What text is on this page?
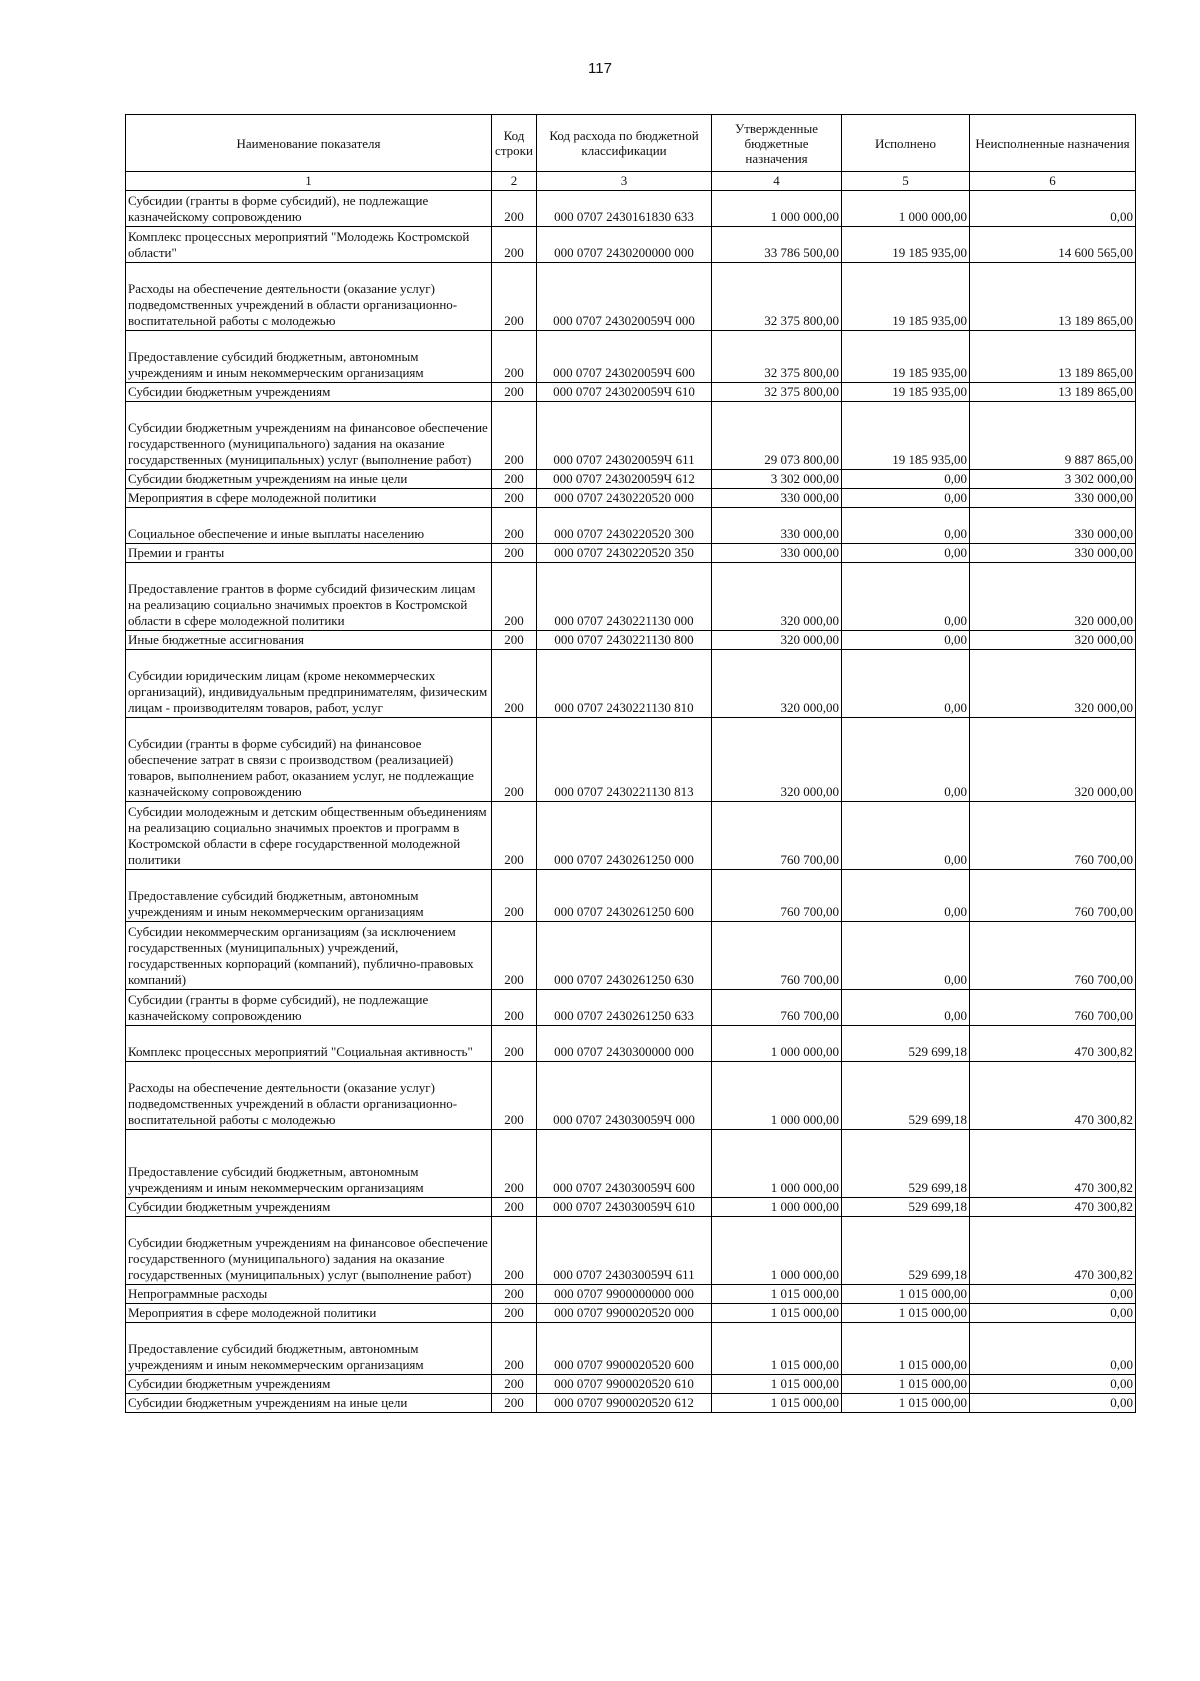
117
Наименование показателя	Код строки	Код расхода по бюджетной классификации	Утвержденные бюджетные назначения	Исполнено	Неисполненные назначения
1	2	3	4	5	6
Субсидии (гранты в форме субсидий), не подлежащие казначейскому сопровождению	200	000 0707 2430161830 633	1 000 000,00	1 000 000,00	0,00
Комплекс процессных мероприятий "Молодежь Костромской области"	200	000 0707 2430200000 000	33 786 500,00	19 185 935,00	14 600 565,00
Расходы на обеспечение деятельности (оказание услуг) подведомственных учреждений в области организационно-воспитательной работы с молодежью	200	000 0707 243020059Ч 000	32 375 800,00	19 185 935,00	13 189 865,00
Предоставление субсидий бюджетным, автономным учреждениям и иным некоммерческим организациям	200	000 0707 243020059Ч 600	32 375 800,00	19 185 935,00	13 189 865,00
Субсидии бюджетным учреждениям	200	000 0707 243020059Ч 610	32 375 800,00	19 185 935,00	13 189 865,00
Субсидии бюджетным учреждениям на финансовое обеспечение государственного (муниципального) задания на оказание государственных (муниципальных) услуг (выполнение работ)	200	000 0707 243020059Ч 611	29 073 800,00	19 185 935,00	9 887 865,00
Субсидии бюджетным учреждениям на иные цели	200	000 0707 243020059Ч 612	3 302 000,00	0,00	3 302 000,00
Мероприятия в сфере молодежной политики	200	000 0707 2430220520 000	330 000,00	0,00	330 000,00
Социальное обеспечение и иные выплаты населению	200	000 0707 2430220520 300	330 000,00	0,00	330 000,00
Премии и гранты	200	000 0707 2430220520 350	330 000,00	0,00	330 000,00
Предоставление грантов в форме субсидий физическим лицам на реализацию социально значимых проектов в Костромской области в сфере молодежной политики	200	000 0707 2430221130 000	320 000,00	0,00	320 000,00
Иные бюджетные ассигнования	200	000 0707 2430221130 800	320 000,00	0,00	320 000,00
Субсидии юридическим лицам (кроме некоммерческих организаций), индивидуальным предпринимателям, физическим лицам - производителям товаров, работ, услуг	200	000 0707 2430221130 810	320 000,00	0,00	320 000,00
Субсидии (гранты в форме субсидий) на финансовое обеспечение затрат в связи с производством (реализацией) товаров, выполнением работ, оказанием услуг, не подлежащие казначейскому сопровождению	200	000 0707 2430221130 813	320 000,00	0,00	320 000,00
Субсидии молодежным и детским общественным объединениям на реализацию социально значимых проектов и программ в Костромской области в сфере государственной молодежной политики	200	000 0707 2430261250 000	760 700,00	0,00	760 700,00
Предоставление субсидий бюджетным, автономным учреждениям и иным некоммерческим организациям	200	000 0707 2430261250 600	760 700,00	0,00	760 700,00
Субсидии некоммерческим организациям (за исключением государственных (муниципальных) учреждений, государственных корпораций (компаний), публично-правовых компаний)	200	000 0707 2430261250 630	760 700,00	0,00	760 700,00
Субсидии (гранты в форме субсидий), не подлежащие казначейскому сопровождению	200	000 0707 2430261250 633	760 700,00	0,00	760 700,00
Комплекс процессных мероприятий "Социальная активность"	200	000 0707 2430300000 000	1 000 000,00	529 699,18	470 300,82
Расходы на обеспечение деятельности (оказание услуг) подведомственных учреждений в области организационно-воспитательной работы с молодежью	200	000 0707 243030059Ч 000	1 000 000,00	529 699,18	470 300,82
Предоставление субсидий бюджетным, автономным учреждениям и иным некоммерческим организациям	200	000 0707 243030059Ч 600	1 000 000,00	529 699,18	470 300,82
Субсидии бюджетным учреждениям	200	000 0707 243030059Ч 610	1 000 000,00	529 699,18	470 300,82
Субсидии бюджетным учреждениям на финансовое обеспечение государственного (муниципального) задания на оказание государственных (муниципальных) услуг (выполнение работ)	200	000 0707 243030059Ч 611	1 000 000,00	529 699,18	470 300,82
Непрограммные расходы	200	000 0707 9900000000 000	1 015 000,00	1 015 000,00	0,00
Мероприятия в сфере молодежной политики	200	000 0707 9900020520 000	1 015 000,00	1 015 000,00	0,00
Предоставление субсидий бюджетным, автономным учреждениям и иным некоммерческим организациям	200	000 0707 9900020520 600	1 015 000,00	1 015 000,00	0,00
Субсидии бюджетным учреждениям	200	000 0707 9900020520 610	1 015 000,00	1 015 000,00	0,00
Субсидии бюджетным учреждениям на иные цели	200	000 0707 9900020520 612	1 015 000,00	1 015 000,00	0,00
